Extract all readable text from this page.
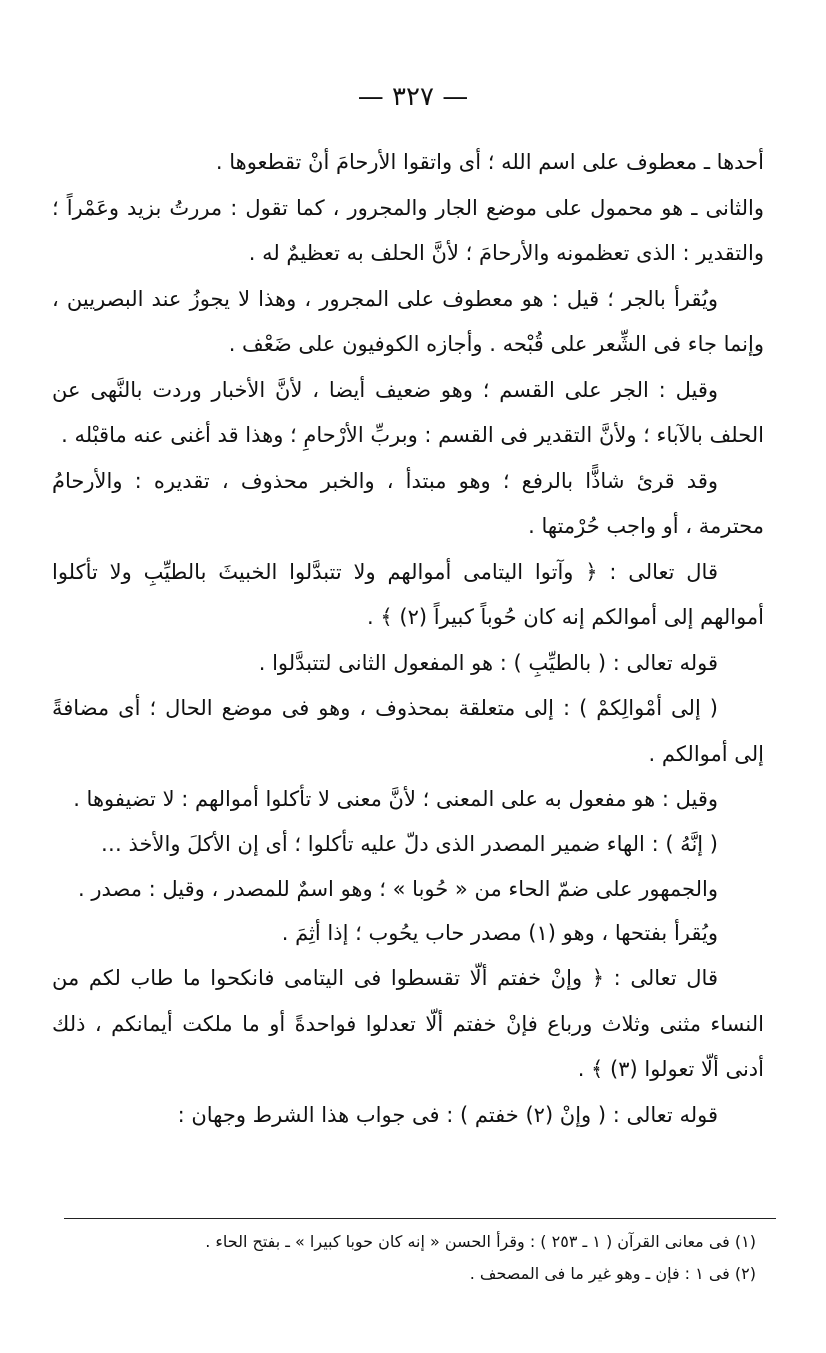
— ٣٢٧ —

أحدها ـ معطوف على اسم الله ؛ أى واتقوا الأرحامَ أنْ تقطعوها .

والثانى ـ هو محمول على موضع الجار والمجرور ، كما تقول : مررتُ بزيد وعَمْراً ؛ والتقدير : الذى تعظمونه والأرحامَ ؛ لأنَّ الحلف به تعظيمٌ له .

ويُقرأ بالجر ؛ قيل : هو معطوف على المجرور ، وهذا لا يجوزُ عند البصريين ، وإنما جاء فى الشِّعر على قُبْحه . وأجازه الكوفيون على ضَعْف .

وقيل : الجر على القسم ؛ وهو ضعيف أيضا ، لأنَّ الأخبار وردت بالنَّهى عن الحلف بالآباء ؛ ولأنَّ التقدير فى القسم : وبربِّ الأرْحامِ ؛ وهذا قد أغنى عنه ماقبْله .

وقد قرئ شاذًّا بالرفع ؛ وهو مبتدأ ، والخبر محذوف ، تقديره : والأرحامُ محترمة ، أو واجب حُرْمتها .

قال تعالى : ﴿ وآتوا اليتامى أموالهم ولا تتبدَّلوا الخبيثَ بالطيِّبِ ولا تأكلوا أموالهم إلى أموالكم إنه كان حُوباً كبيراً (٢) ﴾ .

قوله تعالى : ( بالطيِّبِ ) : هو المفعول الثانى لتتبدَّلوا .

( إلى أمْوالِكمْ ) : إلى متعلقة بمحذوف ، وهو فى موضع الحال ؛ أى مضافةً إلى أموالكم .

وقيل : هو مفعول به على المعنى ؛ لأنَّ معنى لا تأكلوا أموالهم : لا تضيفوها .

( إنَّهُ ) : الهاء ضمير المصدر الذى دلّ عليه تأكلوا ؛ أى إن الأكلَ والأخذ …

والجمهور على ضمّ الحاء من « حُوبا » ؛ وهو اسمٌ للمصدر ، وقيل : مصدر .

ويُقرأ بفتحها ، وهو (١) مصدر حاب يحُوب ؛ إذا أثِمَ .

قال تعالى : ﴿ وإنْ خفتم ألّا تقسطوا فى اليتامى فانكحوا ما طاب لكم من النساء مثنى وثلاث ورباع فإنْ خفتم ألّا تعدلوا فواحدةً أو ما ملكت أيمانكم ، ذلك أدنى ألّا تعولوا (٣) ﴾ .

قوله تعالى : ( وإنْ (٢) خفتم ) : فى جواب هذا الشرط وجهان :

(١) فى معانى القرآن ( ١ ـ ٢٥٣ ) : وقرأ الحسن « إنه كان حوبا كبيرا » ـ بفتح الحاء .

(٢) فى ١ : فإن ـ وهو غير ما فى المصحف .
